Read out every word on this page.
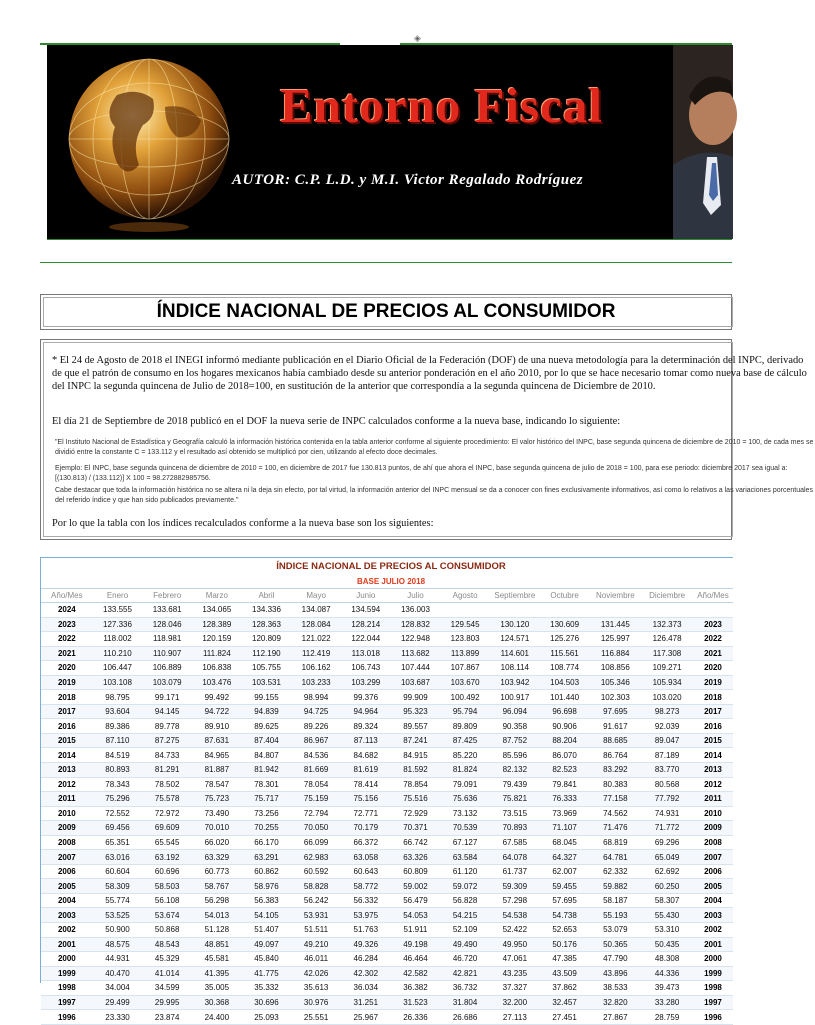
◈
Entorno Fiscal
AUTOR: C.P. L.D. y M.I. Victor Regalado Rodríguez
ÍNDICE NACIONAL DE PRECIOS AL CONSUMIDOR
* El 24 de Agosto de 2018 el INEGI informó mediante publicación en el Diario Oficial de la Federación (DOF) de una nueva metodología para la determinación del INPC, derivado de que el patrón de consumo en los hogares mexicanos había cambiado desde su anterior ponderación en el año 2010, por lo que se hace necesario tomar como nueva base de cálculo del INPC la segunda quincena de Julio de 2018=100, en sustitución de la anterior que correspondía a la segunda quincena de Diciembre de 2010.
El día 21 de Septiembre de 2018 publicó en el DOF la nueva serie de INPC calculados conforme a la nueva base, indicando lo siguiente:
"El Instituto Nacional de Estadística y Geografía calculó la información histórica contenida en la tabla anterior conforme al siguiente procedimiento: El valor histórico del INPC, base segunda quincena de diciembre de 2010 = 100, de cada mes se dividió entre la constante C = 133.112 y el resultado así obtenido se multiplicó por cien, utilizando al efecto doce decimales.
Ejemplo: El INPC, base segunda quincena de diciembre de 2010 = 100, en diciembre de 2017 fue 130.813 puntos, de ahí que ahora el INPC, base segunda quincena de julio de 2018 = 100, para ese periodo: diciembre 2017 sea igual a: [(130.813) / (133.112)] X 100 = 98.272882985756.
Cabe destacar que toda la información histórica no se altera ni la deja sin efecto, por tal virtud, la información anterior del INPC mensual se da a conocer con fines exclusivamente informativos, así como lo relativos a las variaciones porcentuales del referido índice y que han sido publicados previamente."
Por lo que la tabla con los índices recalculados conforme a la nueva base son los siguientes:
ÍNDICE NACIONAL DE PRECIOS AL CONSUMIDOR
BASE JULIO 2018
Año/Mes	Enero	Febrero	Marzo	Abril	Mayo	Junio	Julio	Agosto	Septiembre	Octubre	Noviembre	Diciembre	Año/Mes
2024	133.555	133.681	134.065	134.336	134.087	134.594	136.003						
2023	127.336	128.046	128.389	128.363	128.084	128.214	128.832	129.545	130.120	130.609	131.445	132.373	2023
2022	118.002	118.981	120.159	120.809	121.022	122.044	122.948	123.803	124.571	125.276	125.997	126.478	2022
2021	110.210	110.907	111.824	112.190	112.419	113.018	113.682	113.899	114.601	115.561	116.884	117.308	2021
2020	106.447	106.889	106.838	105.755	106.162	106.743	107.444	107.867	108.114	108.774	108.856	109.271	2020
2019	103.108	103.079	103.476	103.531	103.233	103.299	103.687	103.670	103.942	104.503	105.346	105.934	2019
2018	98.795	99.171	99.492	99.155	98.994	99.376	99.909	100.492	100.917	101.440	102.303	103.020	2018
2017	93.604	94.145	94.722	94.839	94.725	94.964	95.323	95.794	96.094	96.698	97.695	98.273	2017
2016	89.386	89.778	89.910	89.625	89.226	89.324	89.557	89.809	90.358	90.906	91.617	92.039	2016
2015	87.110	87.275	87.631	87.404	86.967	87.113	87.241	87.425	87.752	88.204	88.685	89.047	2015
2014	84.519	84.733	84.965	84.807	84.536	84.682	84.915	85.220	85.596	86.070	86.764	87.189	2014
2013	80.893	81.291	81.887	81.942	81.669	81.619	81.592	81.824	82.132	82.523	83.292	83.770	2013
2012	78.343	78.502	78.547	78.301	78.054	78.414	78.854	79.091	79.439	79.841	80.383	80.568	2012
2011	75.296	75.578	75.723	75.717	75.159	75.156	75.516	75.636	75.821	76.333	77.158	77.792	2011
2010	72.552	72.972	73.490	73.256	72.794	72.771	72.929	73.132	73.515	73.969	74.562	74.931	2010
2009	69.456	69.609	70.010	70.255	70.050	70.179	70.371	70.539	70.893	71.107	71.476	71.772	2009
2008	65.351	65.545	66.020	66.170	66.099	66.372	66.742	67.127	67.585	68.045	68.819	69.296	2008
2007	63.016	63.192	63.329	63.291	62.983	63.058	63.326	63.584	64.078	64.327	64.781	65.049	2007
2006	60.604	60.696	60.773	60.862	60.592	60.643	60.809	61.120	61.737	62.007	62.332	62.692	2006
2005	58.309	58.503	58.767	58.976	58.828	58.772	59.002	59.072	59.309	59.455	59.882	60.250	2005
2004	55.774	56.108	56.298	56.383	56.242	56.332	56.479	56.828	57.298	57.695	58.187	58.307	2004
2003	53.525	53.674	54.013	54.105	53.931	53.975	54.053	54.215	54.538	54.738	55.193	55.430	2003
2002	50.900	50.868	51.128	51.407	51.511	51.763	51.911	52.109	52.422	52.653	53.079	53.310	2002
2001	48.575	48.543	48.851	49.097	49.210	49.326	49.198	49.490	49.950	50.176	50.365	50.435	2001
2000	44.931	45.329	45.581	45.840	46.011	46.284	46.464	46.720	47.061	47.385	47.790	48.308	2000
1999	40.470	41.014	41.395	41.775	42.026	42.302	42.582	42.821	43.235	43.509	43.896	44.336	1999
1998	34.004	34.599	35.005	35.332	35.613	36.034	36.382	36.732	37.327	37.862	38.533	39.473	1998
1997	29.499	29.995	30.368	30.696	30.976	31.251	31.523	31.804	32.200	32.457	32.820	33.280	1997
1996	23.330	23.874	24.400	25.093	25.551	25.967	26.336	26.686	27.113	27.451	27.867	28.759	1996
